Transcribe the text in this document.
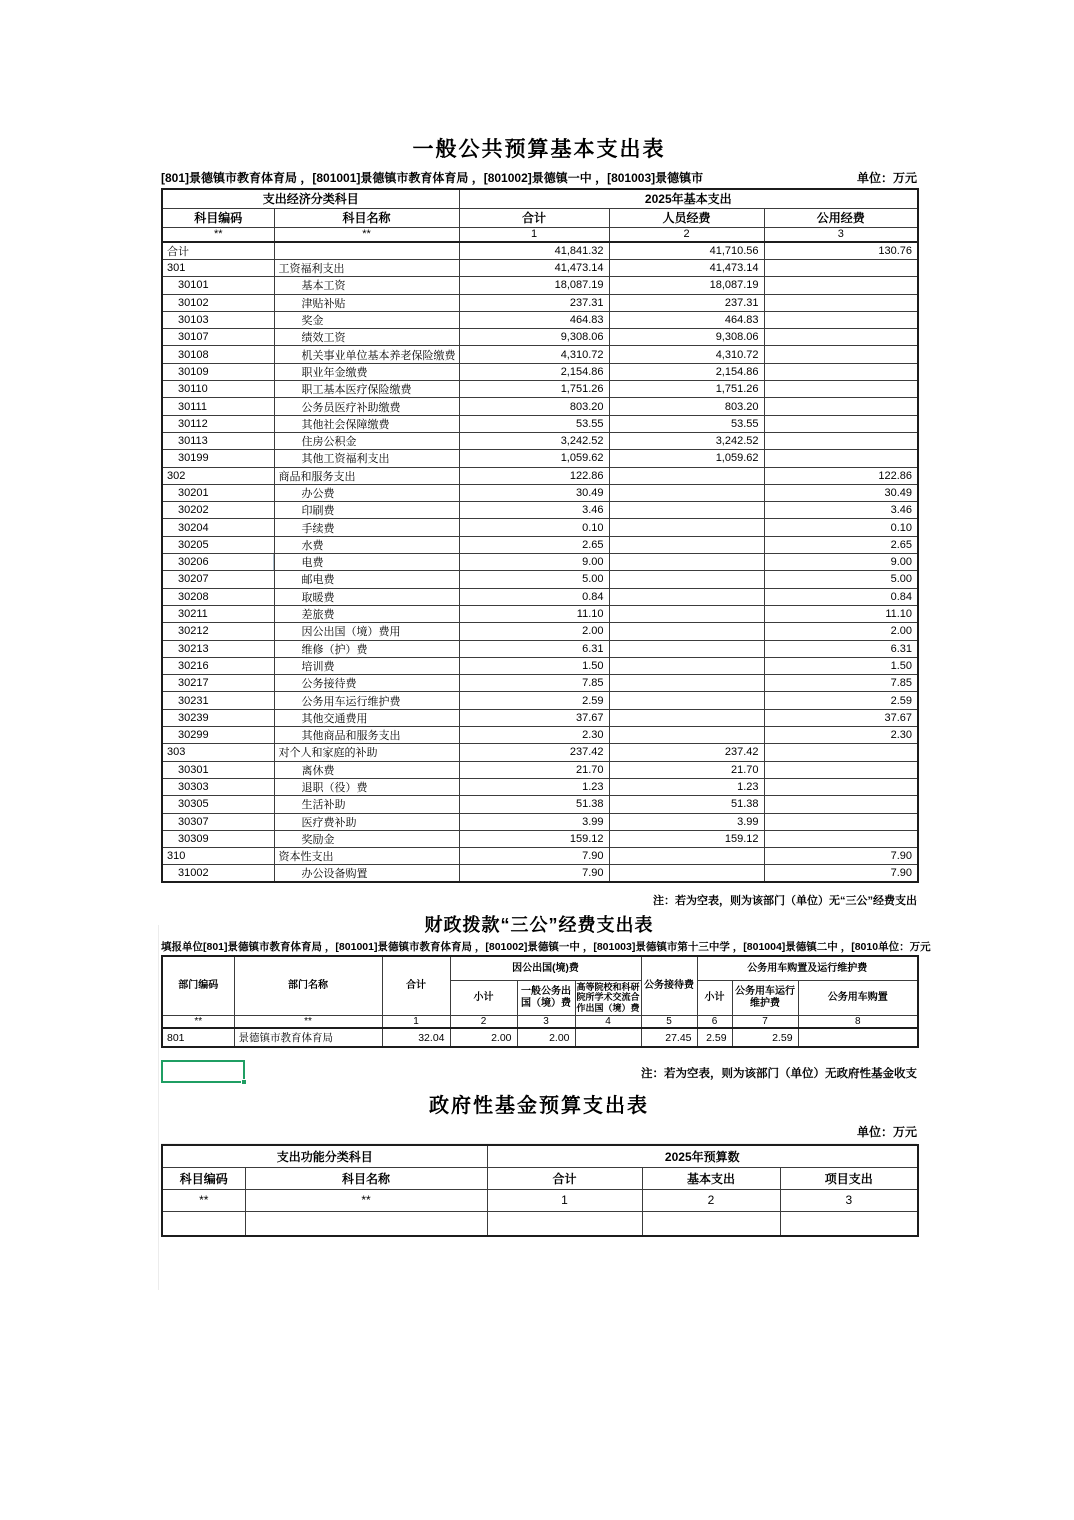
一般公共预算基本支出表
[801]景德镇市教育体育局 ，[801001]景德镇市教育体育局 ，[801002]景德镇一中 ，[801003]景德镇市	单位：万元
支出经济分类科目		2025年基本支出		
科目编码	科目名称	合计	人员经费	公用经费
**	**	1	2	3
合计		41,841.32	41,710.56	130.76
301	工资福利支出	41,473.14	41,473.14	
30101	基本工资	18,087.19	18,087.19	
30102	津贴补贴	237.31	237.31	
30103	奖金	464.83	464.83	
30107	绩效工资	9,308.06	9,308.06	
30108	机关事业单位基本养老保险缴费	4,310.72	4,310.72	
30109	职业年金缴费	2,154.86	2,154.86	
30110	职工基本医疗保险缴费	1,751.26	1,751.26	
30111	公务员医疗补助缴费	803.20	803.20	
30112	其他社会保障缴费	53.55	53.55	
30113	住房公积金	3,242.52	3,242.52	
30199	其他工资福利支出	1,059.62	1,059.62	
302	商品和服务支出	122.86		122.86
30201	办公费	30.49		30.49
30202	印刷费	3.46		3.46
30204	手续费	0.10		0.10
30205	水费	2.65		2.65
30206	电费	9.00		9.00
30207	邮电费	5.00		5.00
30208	取暖费	0.84		0.84
30211	差旅费	11.10		11.10
30212	因公出国（境）费用	2.00		2.00
30213	维修（护）费	6.31		6.31
30216	培训费	1.50		1.50
30217	公务接待费	7.85		7.85
30231	公务用车运行维护费	2.59		2.59
30239	其他交通费用	37.67		37.67
30299	其他商品和服务支出	2.30		2.30
303	对个人和家庭的补助	237.42	237.42	
30301	离休费	21.70	21.70	
30303	退职（役）费	1.23	1.23	
30305	生活补助	51.38	51.38	
30307	医疗费补助	3.99	3.99	
30309	奖励金	159.12	159.12	
310	资本性支出	7.90		7.90
31002	办公设备购置	7.90		7.90
注：若为空表，则为该部门（单位）无“三公”经费支出
财政拨款“三公”经费支出表
填报单位[801]景德镇市教育体育局 ，[801001]景德镇市教育体育局 ，[801002]景德镇一中 ，[801003]景德镇市第十三中学 ，[801004]景德镇二中 ，[8010 单位：万元
部门编码	部门名称	合计	因公出国(境)费			公务接待费	公务用车购置及运行维护费		
			小计	一般公务出国（境）费	高等院校和科研院所学术交流合作出国（境）费		小计	公务用车运行维护费	公务用车购置
**	**	1	2	3	4	5	6	7	8
801	景德镇市教育体育局	32.04	2.00	2.00		27.45	2.59	2.59	
注：若为空表，则为该部门（单位）无政府性基金收支
政府性基金预算支出表
单位：万元
支出功能分类科目		2025年预算数		
科目编码	科目名称	合计	基本支出	项目支出
**	**	1	2	3
